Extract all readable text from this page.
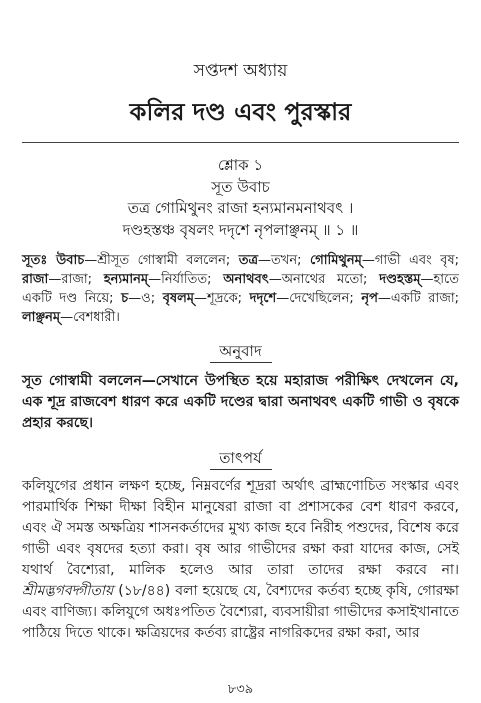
সপ্তদশ অধ্যায়
কলির দণ্ড এবং পুরস্কার
শ্লোক ১
সূত উবাচ
তত্র গোমিথুনং রাজা হন্যমানমনাথবৎ ।
দণ্ডহস্তঞ্চ বৃষলং দদৃশে নৃপলাঞ্ছনম্ ॥ ১ ॥
সূতঃ উবাচ—শ্রীসূত গোস্বামী বললেন; তত্র—তখন; গোমিথুনম্—গাভী এবং বৃষ; রাজা—রাজা; হন্যমানম্—নির্যাতিত; অনাথবৎ—অনাথের মতো; দণ্ডহস্তম্—হাতে একটি দণ্ড নিয়ে; চ—ও; বৃষলম্—শূদ্রকে; দদৃশে—দেখেছিলেন; নৃপ—একটি রাজা; লাঞ্ছনম্—বেশধারী।
অনুবাদ
সূত গোস্বামী বললেন—সেখানে উপস্থিত হয়ে মহারাজ পরীক্ষিৎ দেখলেন যে, এক শূদ্র রাজবেশ ধারণ করে একটি দণ্ডের দ্বারা অনাথবৎ একটি গাভী ও বৃষকে প্রহার করছে।
তাৎপর্য
কলিযুগের প্রধান লক্ষণ হচ্ছে, নিম্নবর্ণের শূদ্ররা অর্থাৎ ব্রাহ্মণোচিত সংস্কার এবং পারমার্থিক শিক্ষা দীক্ষা বিহীন মানুষেরা রাজা বা প্রশাসকের বেশ ধারণ করবে, এবং ঐ সমস্ত অক্ষত্রিয় শাসনকর্তাদের মুখ্য কাজ হবে নিরীহ পশুদের, বিশেষ করে গাভী এবং বৃষদের হত্যা করা। বৃষ আর গাভীদের রক্ষা করা যাদের কাজ, সেই যথার্থ বৈশ্যেরা, মালিক হলেও আর তারা তাদের রক্ষা করবে না। শ্রীমদ্ভগবদ্গীতায় (১৮/৪৪) বলা হয়েছে যে, বৈশ্যদের কর্তব্য হচ্ছে কৃষি, গোরক্ষা এবং বাণিজ্য। কলিযুগে অধঃপতিত বৈশ্যেরা, ব্যবসায়ীরা গাভীদের কসাইখানাতে পাঠিয়ে দিতে থাকে। ক্ষত্রিয়দের কর্তব্য রাষ্ট্রের নাগরিকদের রক্ষা করা, আর
৮৩৯
